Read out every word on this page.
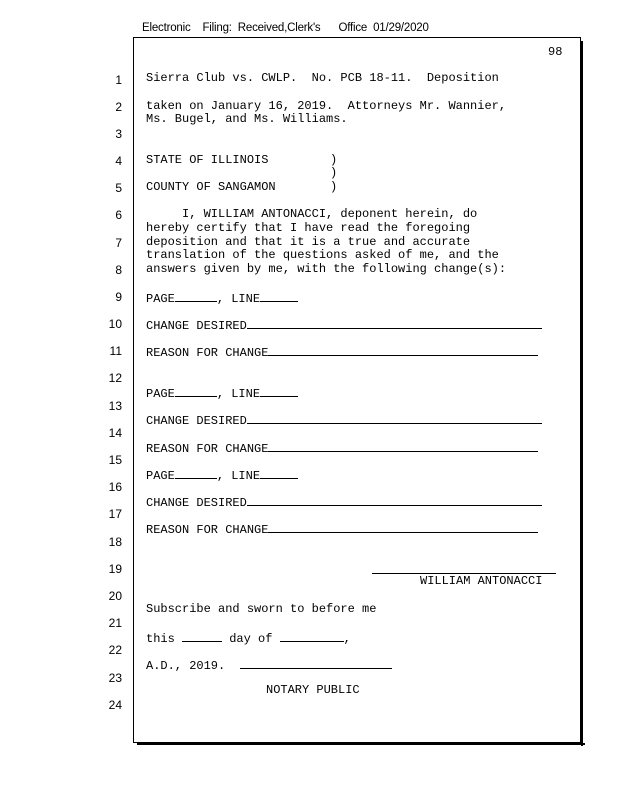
Electronic Filing: Received,Clerk's Office 01/29/2020
98
1
2
3
4
5
6
7
8
9
10
11
12
13
14
15
16
17
18
19
20
21
22
23
24
Sierra Club vs. CWLP.  No. PCB 18-11.  Deposition
taken on January 16, 2019.  Attorneys Mr. Wannier,
Ms. Bugel, and Ms. Williams.
STATE OF ILLINOIS	)
)
COUNTY OF SANGAMON	)
I, WILLIAM ANTONACCI, deponent herein, do
hereby certify that I have read the foregoing
deposition and that it is a true and accurate
translation of the questions asked of me, and the
answers given by me, with the following change(s):
PAGE	, LINE
CHANGE DESIRED
REASON FOR CHANGE
PAGE	, LINE
CHANGE DESIRED
REASON FOR CHANGE
PAGE	, LINE
CHANGE DESIRED
REASON FOR CHANGE
WILLIAM ANTONACCI
Subscribe and sworn to before me
this	day of	,
A.D., 2019.
NOTARY PUBLIC
